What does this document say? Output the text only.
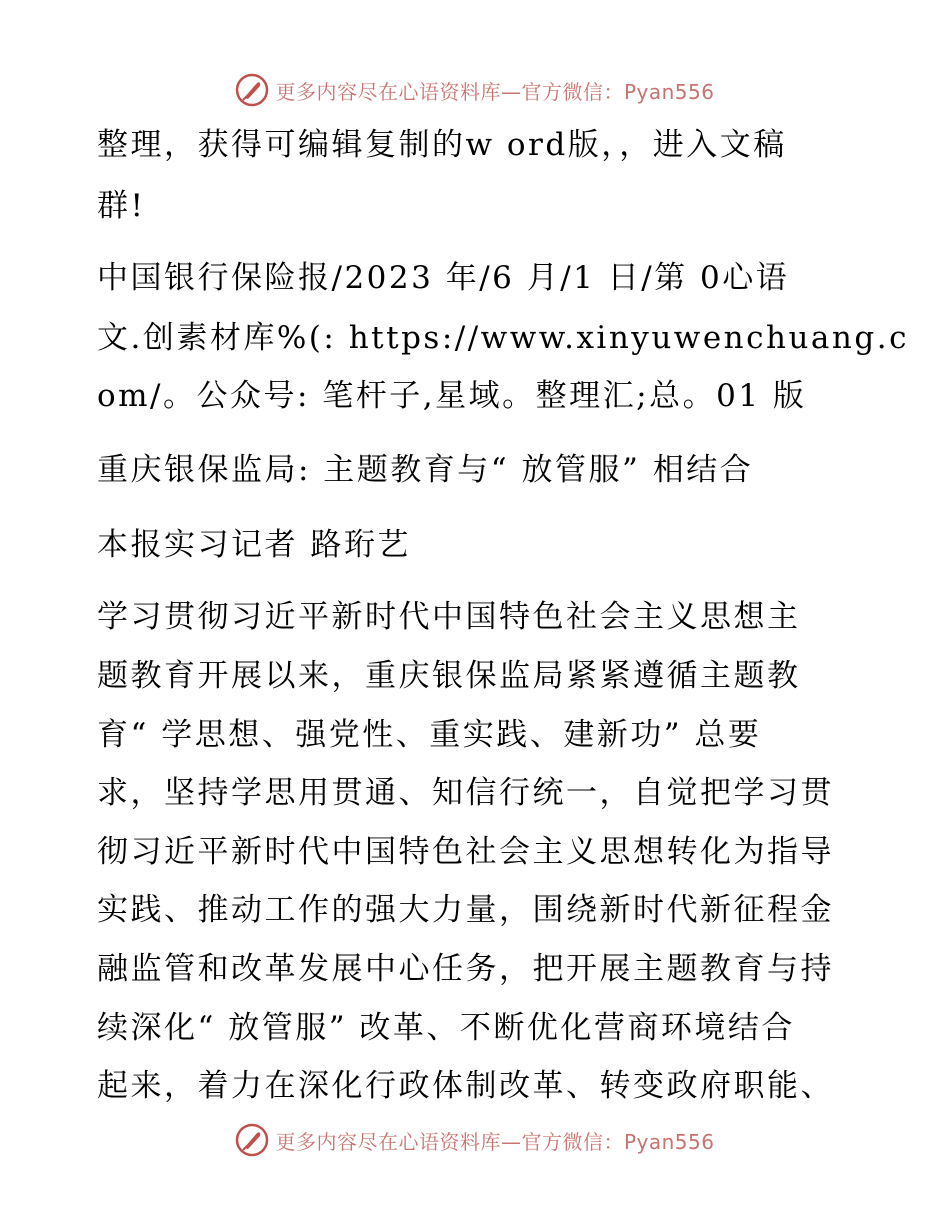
更多内容尽在心语资料库—官方微信：Pyan556
整理，获得可编辑复制的w ord版，，进入文稿
群!
中国银行保险报/2023 年/6 月/1 日/第 0心语
文.创素材库%(: https://www.xinyuwenchuang.c
om/。公众号: 笔杆子,星域。整理汇;总。01 版
重庆银保监局: 主题教育与“ 放管服” 相结合
本报实习记者 路珩艺
学习贯彻习近平新时代中国特色社会主义思想主
题教育开展以来，重庆银保监局紧紧遵循主题教
育“ 学思想、强党性、重实践、建新功” 总要
求，坚持学思用贯通、知信行统一，自觉把学习贯
彻习近平新时代中国特色社会主义思想转化为指导
实践、推动工作的强大力量，围绕新时代新征程金
融监管和改革发展中心任务，把开展主题教育与持
续深化“ 放管服” 改革、不断优化营商环境结合
起来，着力在深化行政体制改革、转变政府职能、
更多内容尽在心语资料库—官方微信：Pyan556
